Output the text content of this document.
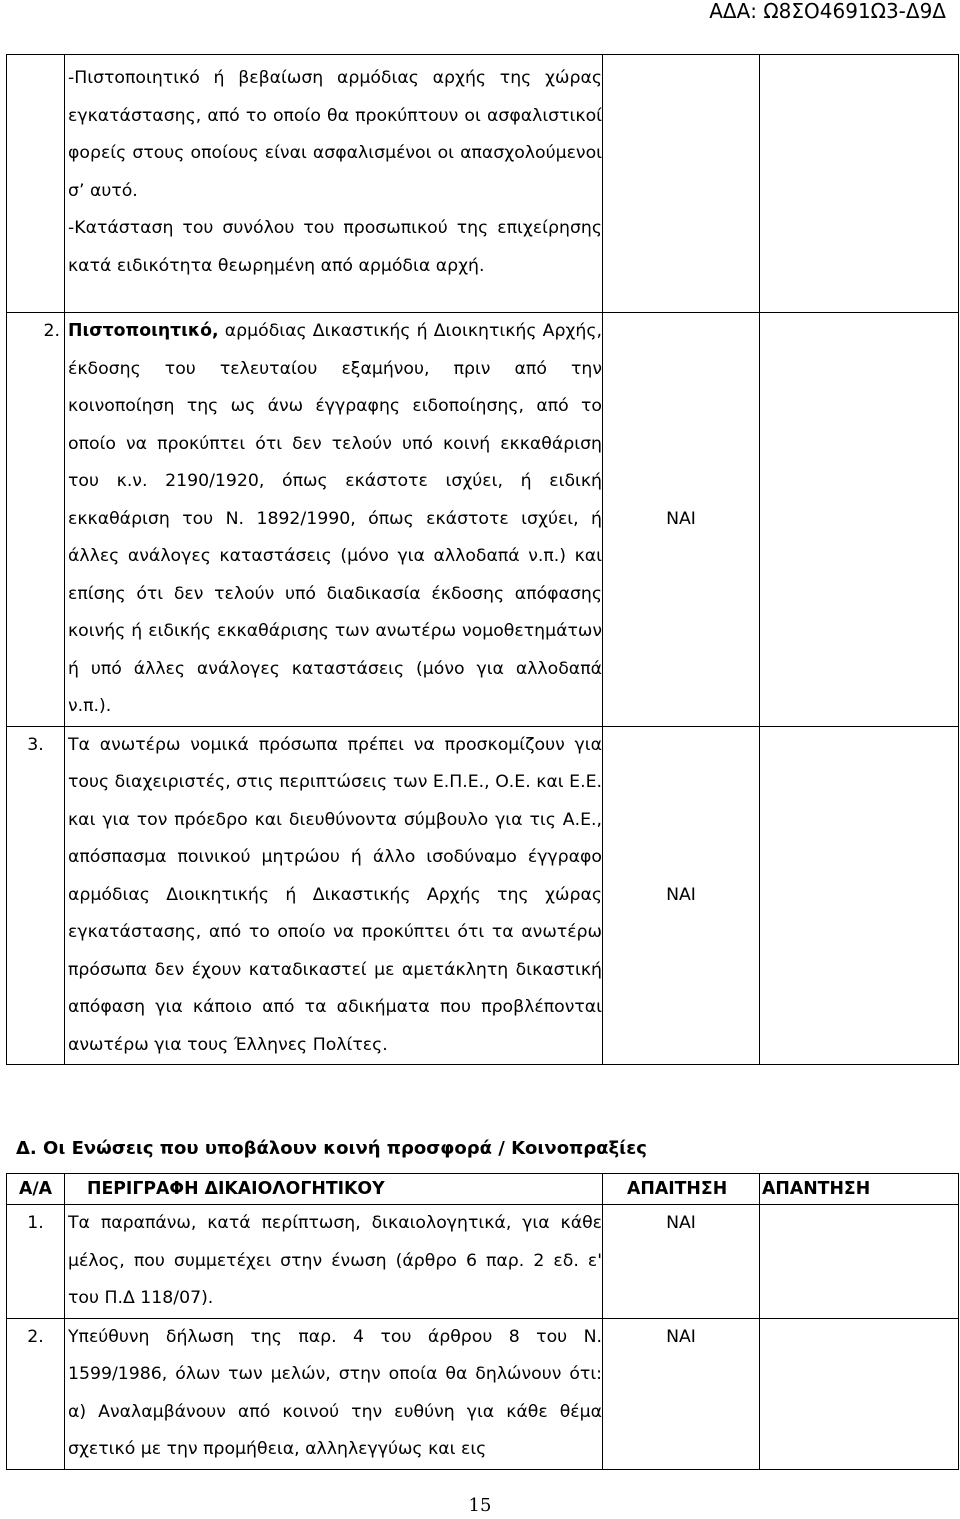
ΑΔΑ: Ω8ΣΟ4691Ω3-Δ9Δ

	-Πιστοποιητικό ή βεβαίωση αρμόδιας αρχής της χώρας εγκατάστασης, από το οποίο θα προκύπτουν οι ασφαλιστικοί φορείς στους οποίους είναι ασφαλισμένοι οι απασχολούμενοι σ’ αυτό.

-Κατάσταση του συνόλου του προσωπικού της επιχείρησης κατά ειδικότητα θεωρημένη από αρμόδια αρχή.		

2.	Πιστοποιητικό, αρμόδιας Δικαστικής ή Διοικητικής Αρχής, έκδοσης του τελευταίου εξαμήνου, πριν από την κοινοποίηση της ως άνω έγγραφης ειδοποίησης, από το οποίο να προκύπτει ότι δεν τελούν υπό κοινή εκκαθάριση του κ.ν. 2190/1920, όπως εκάστοτε ισχύει, ή ειδική εκκαθάριση του Ν. 1892/1990, όπως εκάστοτε ισχύει, ή άλλες ανάλογες καταστάσεις (μόνο για αλλοδαπά ν.π.) και επίσης ότι δεν τελούν υπό διαδικασία έκδοσης απόφασης κοινής ή ειδικής εκκαθάρισης των ανωτέρω νομοθετημάτων ή υπό άλλες ανάλογες καταστάσεις (μόνο για αλλοδαπά ν.π.).	ΝΑΙ	
3.	Τα ανωτέρω νομικά πρόσωπα πρέπει να προσκομίζουν για τους διαχειριστές, στις περιπτώσεις των Ε.Π.Ε., Ο.Ε. και Ε.Ε. και για τον πρόεδρο και διευθύνοντα σύμβουλο για τις Α.Ε., απόσπασμα ποινικού μητρώου ή άλλο ισοδύναμο έγγραφο αρμόδιας Διοικητικής ή Δικαστικής Αρχής της χώρας εγκατάστασης, από το οποίο να προκύπτει ότι τα ανωτέρω πρόσωπα δεν έχουν καταδικαστεί με αμετάκλητη δικαστική απόφαση για κάποιο από τα αδικήματα που προβλέπονται ανωτέρω για τους Έλληνες Πολίτες.	ΝΑΙ	
Δ. Οι Ενώσεις που υποβάλουν κοινή προσφορά / Κοινοπραξίες
Α/Α	ΠΕΡΙΓΡΑΦΗ ΔΙΚΑΙΟΛΟΓΗΤΙΚΟΥ	ΑΠΑΙΤΗΣΗ	ΑΠΑΝΤΗΣΗ
1.	Τα παραπάνω, κατά περίπτωση, δικαιολογητικά, για κάθε μέλος, που συμμετέχει στην ένωση (άρθρο 6 παρ. 2 εδ. ε' του Π.Δ 118/07).	ΝΑΙ	
2.	Υπεύθυνη δήλωση της παρ. 4 του άρθρου 8 του Ν. 1599/1986, όλων των μελών, στην οποία θα δηλώνουν ότι: α) Αναλαμβάνουν από κοινού την ευθύνη για κάθε θέμα σχετικό με την προμήθεια, αλληλεγγύως και εις	ΝΑΙ	
15
